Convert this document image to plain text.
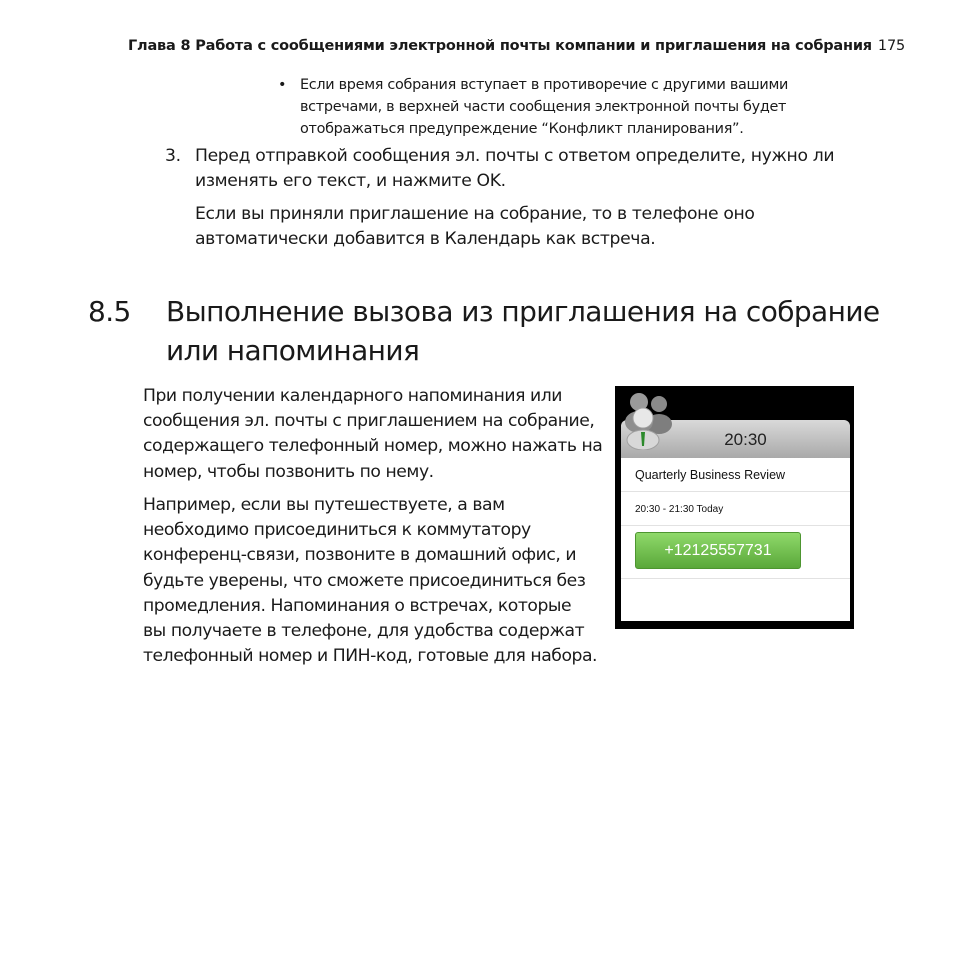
Глава 8 Работа с сообщениями электронной почты компании и приглашения на собрания 175
• Если время собрания вступает в противоречие с другими вашими
встречами, в верхней части сообщения электронной почты будет
отображаться предупреждение “Конфликт планирования”.
3. Перед отправкой сообщения эл. почты с ответом определите, нужно ли
изменять его текст, и нажмите OK.
Если вы приняли приглашение на собрание, то в телефоне оно
автоматически добавится в Календарь как встреча.
8.5 Выполнение вызова из приглашения на собрание
или напоминания
При получении календарного напоминания или
сообщения эл. почты с приглашением на собрание,
содержащего телефонный номер, можно нажать на
номер, чтобы позвонить по нему.
Например, если вы путешествуете, а вам
необходимо присоединиться к коммутатору
конференц-связи, позвоните в домашний офис, и
будьте уверены, что сможете присоединиться без
промедления. Напоминания о встречах, которые
вы получаете в телефоне, для удобства содержат
телефонный номер и ПИН-код, готовые для набора.
20:30
Quarterly Business Review
20:30 - 21:30 Today
+12125557731
